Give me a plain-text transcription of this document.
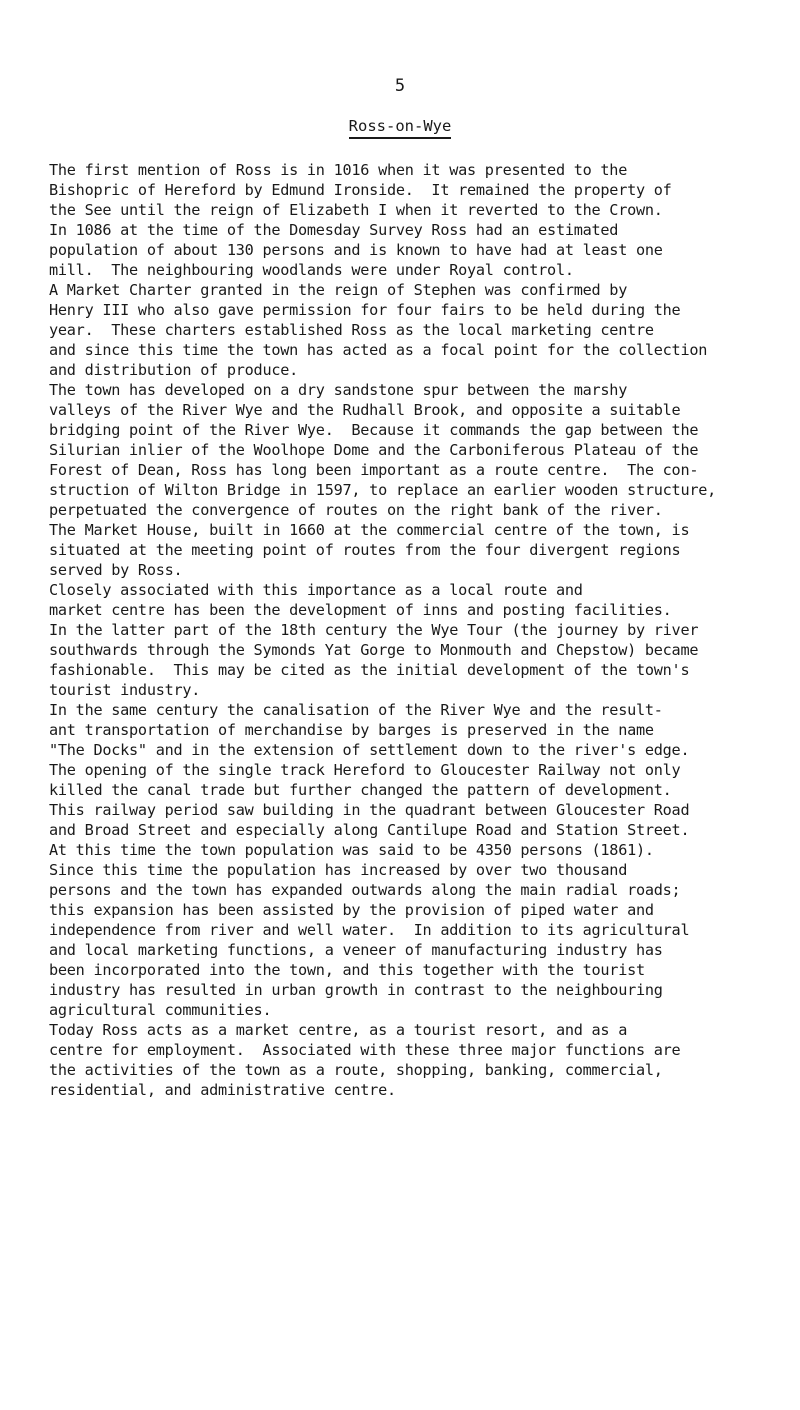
5
Ross-on-Wye
The first mention of Ross is in 1016 when it was presented to the
Bishopric of Hereford by Edmund Ironside.  It remained the property of
the See until the reign of Elizabeth I when it reverted to the Crown.
In 1086 at the time of the Domesday Survey Ross had an estimated
population of about 130 persons and is known to have had at least one
mill.  The neighbouring woodlands were under Royal control.
A Market Charter granted in the reign of Stephen was confirmed by
Henry III who also gave permission for four fairs to be held during the
year.  These charters established Ross as the local marketing centre
and since this time the town has acted as a focal point for the collection
and distribution of produce.
The town has developed on a dry sandstone spur between the marshy
valleys of the River Wye and the Rudhall Brook, and opposite a suitable
bridging point of the River Wye.  Because it commands the gap between the
Silurian inlier of the Woolhope Dome and the Carboniferous Plateau of the
Forest of Dean, Ross has long been important as a route centre.  The con-
struction of Wilton Bridge in 1597, to replace an earlier wooden structure,
perpetuated the convergence of routes on the right bank of the river.
The Market House, built in 1660 at the commercial centre of the town, is
situated at the meeting point of routes from the four divergent regions
served by Ross.
Closely associated with this importance as a local route and
market centre has been the development of inns and posting facilities.
In the latter part of the 18th century the Wye Tour (the journey by river
southwards through the Symonds Yat Gorge to Monmouth and Chepstow) became
fashionable.  This may be cited as the initial development of the town's
tourist industry.
In the same century the canalisation of the River Wye and the result-
ant transportation of merchandise by barges is preserved in the name
"The Docks" and in the extension of settlement down to the river's edge.
The opening of the single track Hereford to Gloucester Railway not only
killed the canal trade but further changed the pattern of development.
This railway period saw building in the quadrant between Gloucester Road
and Broad Street and especially along Cantilupe Road and Station Street.
At this time the town population was said to be 4350 persons (1861).
Since this time the population has increased by over two thousand
persons and the town has expanded outwards along the main radial roads;
this expansion has been assisted by the provision of piped water and
independence from river and well water.  In addition to its agricultural
and local marketing functions, a veneer of manufacturing industry has
been incorporated into the town, and this together with the tourist
industry has resulted in urban growth in contrast to the neighbouring
agricultural communities.
Today Ross acts as a market centre, as a tourist resort, and as a
centre for employment.  Associated with these three major functions are
the activities of the town as a route, shopping, banking, commercial,
residential, and administrative centre.
